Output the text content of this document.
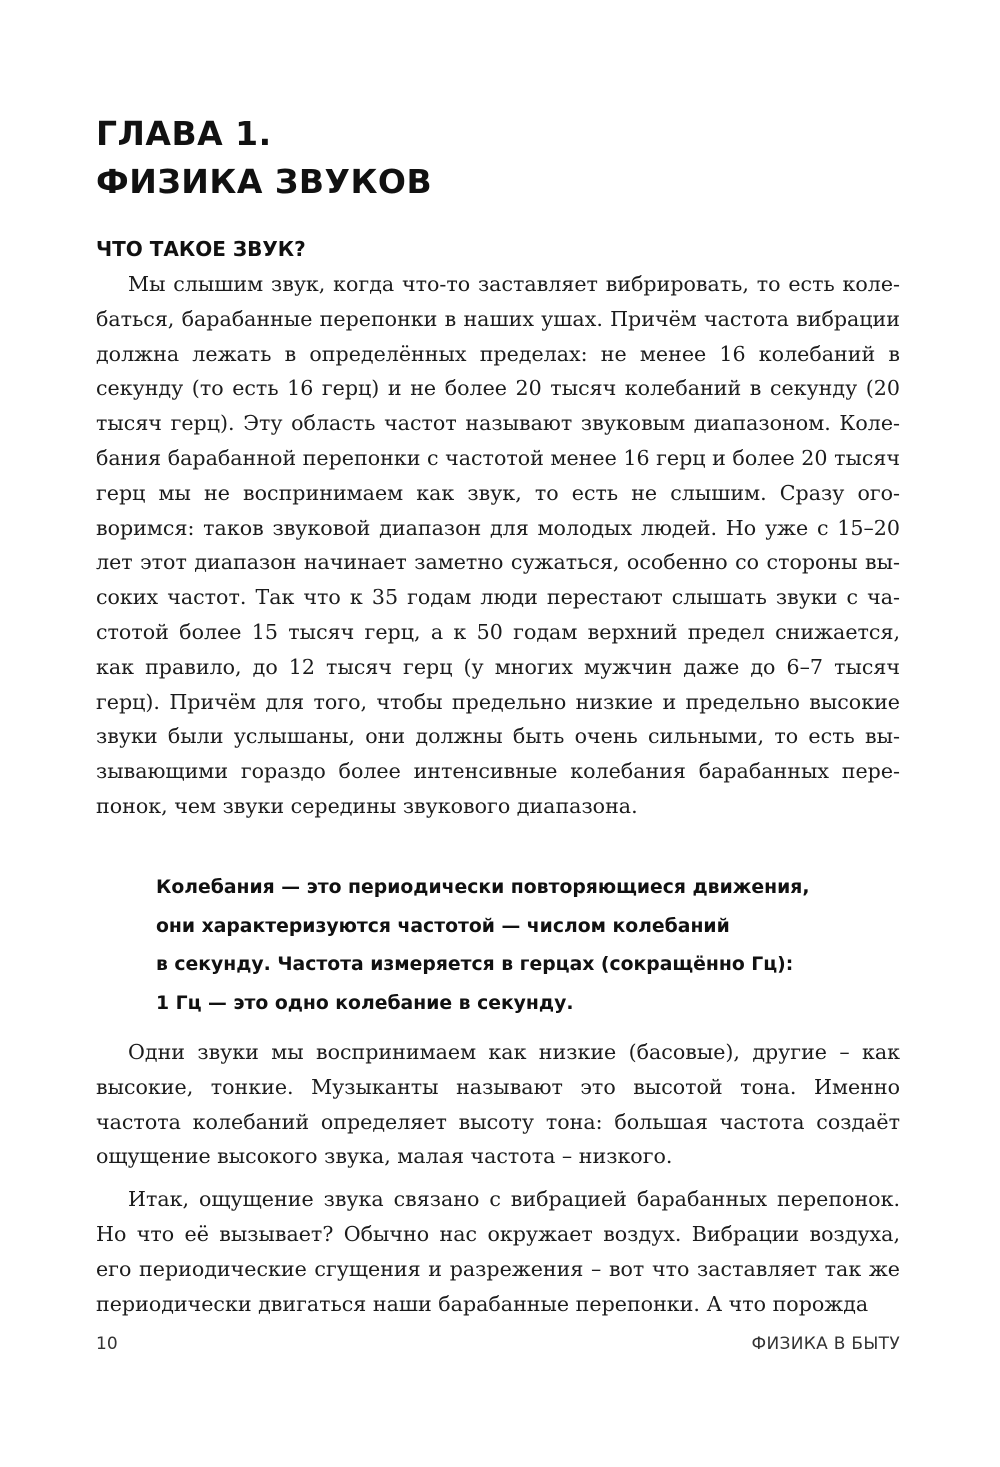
ГЛАВА 1.
ФИЗИКА ЗВУКОВ
ЧТО ТАКОЕ ЗВУК?

Мы слышим звук, когда что-то заставляет вибрировать, то есть колебаться, барабанные перепонки в наших ушах. Причём частота вибрации должна лежать в определённых пределах: не менее 16 колебаний в секунду (то есть 16 герц) и не более 20 тысяч колебаний в секунду (20 тысяч герц). Эту область частот называют звуковым диапазоном. Колебания барабанной перепонки с частотой менее 16 герц и более 20 тысяч герц мы не воспринимаем как звук, то есть не слышим. Сразу оговоримся: таков звуковой диапазон для молодых людей. Но уже с 15–20 лет этот диапазон начинает заметно сужаться, особенно со стороны высоких частот. Так что к 35 годам люди перестают слышать звуки с частотой более 15 тысяч герц, а к 50 годам верхний предел снижается, как правило, до 12 тысяч герц (у многих мужчин даже до 6–7 тысяч герц). Причём для того, чтобы предельно низкие и предельно высокие звуки были услышаны, они должны быть очень сильными, то есть вызывающими гораздо более интенсивные колебания барабанных перепонок, чем звуки середины звукового диапазона.

Колебания — это периодически повторяющиеся движения,
они характеризуются частотой — числом колебаний
в секунду. Частота измеряется в герцах (сокращённо Гц):
1 Гц — это одно колебание в секунду.

Одни звуки мы воспринимаем как низкие (басовые), другие – как высокие, тонкие. Музыканты называют это высотой тона. Именно частота колебаний определяет высоту тона: большая частота создаёт ощущение высокого звука, малая частота – низкого.

Итак, ощущение звука связано с вибрацией барабанных перепонок. Но что её вызывает? Обычно нас окружает воздух. Вибрации воздуха, его периодические сгущения и разрежения – вот что заставляет так же периодически двигаться наши барабанные перепонки. А что порожда

10	ФИЗИКА В БЫТУ
